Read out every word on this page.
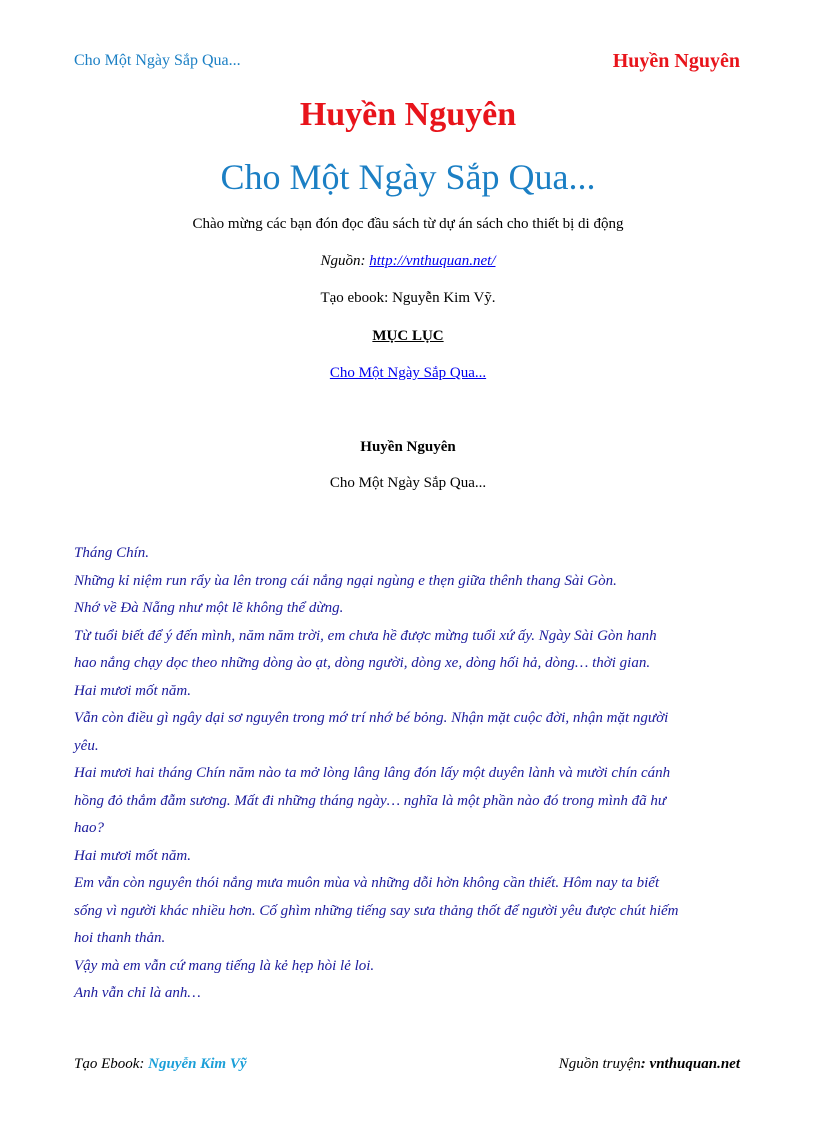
Cho Một Ngày Sắp Qua...	Huyền Nguyên
Huyền Nguyên
Cho Một Ngày Sắp Qua...
Chào mừng các bạn đón đọc đầu sách từ dự án sách cho thiết bị di động
Nguồn: http://vnthuquan.net/
Tạo ebook: Nguyễn Kim Vỹ.
MỤC LỤC
Cho Một Ngày Sắp Qua...
Huyền Nguyên
Cho Một Ngày Sắp Qua...
Tháng Chín.
Những kỉ niệm run rẩy ùa lên trong cái nắng ngại ngùng e thẹn giữa thênh thang Sài Gòn.
Nhớ về Đà Nẵng như một lẽ không thể dừng.
Từ tuổi biết để ý đến mình, năm năm trời, em chưa hề được mừng tuổi xứ ấy. Ngày Sài Gòn hanh
hao nắng chạy dọc theo những dòng ào ạt, dòng người, dòng xe, dòng hối hả, dòng… thời gian.
Hai mươi mốt năm.
Vẫn còn điều gì ngây dại sơ nguyên trong mớ trí nhớ bé bỏng. Nhận mặt cuộc đời, nhận mặt người
yêu.
Hai mươi hai tháng Chín năm nào ta mở lòng lâng lâng đón lấy một duyên lành và mười chín cánh
hồng đỏ thắm đẫm sương. Mất đi những tháng ngày… nghĩa là một phần nào đó trong mình đã hư
hao?
Hai mươi mốt năm.
Em vẫn còn nguyên thói nắng mưa muôn mùa và những dỗi hờn không cần thiết. Hôm nay ta biết
sống vì người khác nhiều hơn. Cố ghìm những tiếng say sưa thảng thốt để người yêu được chút hiếm
hoi thanh thản.
Vậy mà em vẫn cứ mang tiếng là kẻ hẹp hòi lẻ loi.
Anh vẫn chỉ là anh…
Tạo Ebook: Nguyễn Kim Vỹ	Nguồn truyện: vnthuquan.net
